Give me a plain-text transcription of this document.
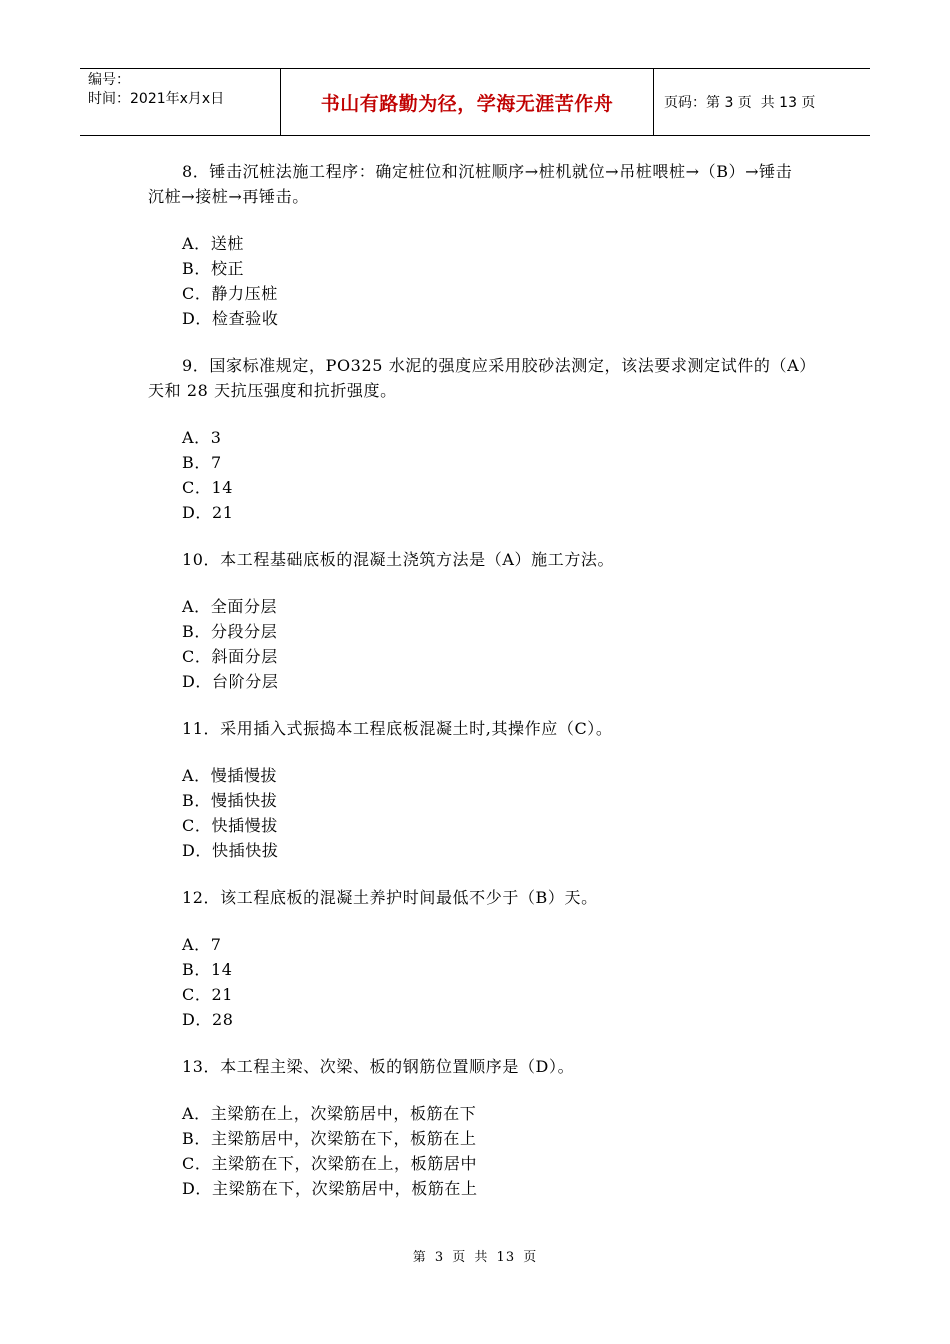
编号：
时间：2021年x月x日	书山有路勤为径，学海无涯苦作舟	页码：第 3 页  共 13 页
8．锤击沉桩法施工程序：确定桩位和沉桩顺序→桩机就位→吊桩喂桩→（B）→锤击沉桩→接桩→再锤击。
A．送桩
B．校正
C．静力压桩
D．检查验收
9．国家标准规定，PO325 水泥的强度应采用胶砂法测定，该法要求测定试件的（A）天和 28 天抗压强度和抗折强度。
A．3
B．7
C．14
D．21
10．本工程基础底板的混凝土浇筑方法是（A）施工方法。
A．全面分层
B．分段分层
C．斜面分层
D．台阶分层
11．采用插入式振捣本工程底板混凝土时,其操作应（C）。
A．慢插慢拔
B．慢插快拔
C．快插慢拔
D．快插快拔
12．该工程底板的混凝土养护时间最低不少于（B）天。
A．7
B．14
C．21
D．28
13．本工程主梁、次梁、板的钢筋位置顺序是（D）。
A．主梁筋在上，次梁筋居中，板筋在下
B．主梁筋居中，次梁筋在下，板筋在上
C．主梁筋在下，次梁筋在上，板筋居中
D．主梁筋在下，次梁筋居中，板筋在上
第 3 页 共 13 页
